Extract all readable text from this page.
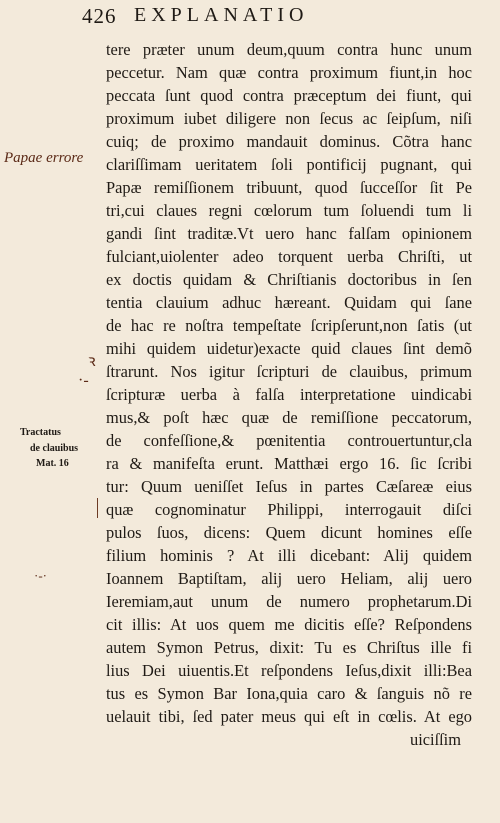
426 EXPLANATIO
Papae errore
ꝛ
·-
·-·
Tractatus
de clauibus
Mat. 16
tere præter unum deum,quum contra hunc unum
peccetur. Nam quæ contra proximum fiunt,in hoc
peccata ſunt quod contra præceptum dei fiunt, qui
proximum iubet diligere non ſecus ac ſeipſum, niſi
cuiq; de proximo mandauit dominus. Cõtra hanc
clariſſimam ueritatem ſoli pontificij pugnant, qui
Papæ remiſſionem tribuunt, quod ſucceſſor ſit Pe
tri,cui claues regni cœlorum tum ſoluendi tum li
gandi ſint traditæ.Vt uero hanc falſam opinionem
fulciant,uiolenter adeo torquent uerba Chriſti, ut
ex doctis quidam & Chriſtianis doctoribus in ſen
tentia clauium adhuc hæreant. Quidam qui ſane
de hac re noſtra tempeſtate ſcripſerunt,non ſatis (ut
mihi quidem uidetur)exacte quid claues ſint demõ
ſtrarunt. Nos igitur ſcripturi de clauibus, primum
ſcripturæ uerba à falſa interpretatione uindicabi
mus,& poſt hæc quæ de remiſſione peccatorum,
de confeſſione,& pœnitentia controuertuntur,cla
ra & manifeſta erunt. Matthæi ergo 16. ſic ſcribi
tur: Quum ueniſſet Ieſus in partes Cæſareæ eius
quæ cognominatur Philippi, interrogauit diſci
pulos ſuos, dicens: Quem dicunt homines eſſe
filium hominis ? At illi dicebant: Alij quidem
Ioannem Baptiſtam, alij uero Heliam, alij uero
Ieremiam,aut unum de numero prophetarum.Di
cit illis: At uos quem me dicitis eſſe? Reſpondens
autem Symon Petrus, dixit: Tu es Chriſtus ille fi
lius Dei uiuentis.Et reſpondens Ieſus,dixit illi:Bea
tus es Symon Bar Iona,quia caro & ſanguis nõ re
uelauit tibi, ſed pater meus qui eſt in cœlis. At ego
uiciſſim
